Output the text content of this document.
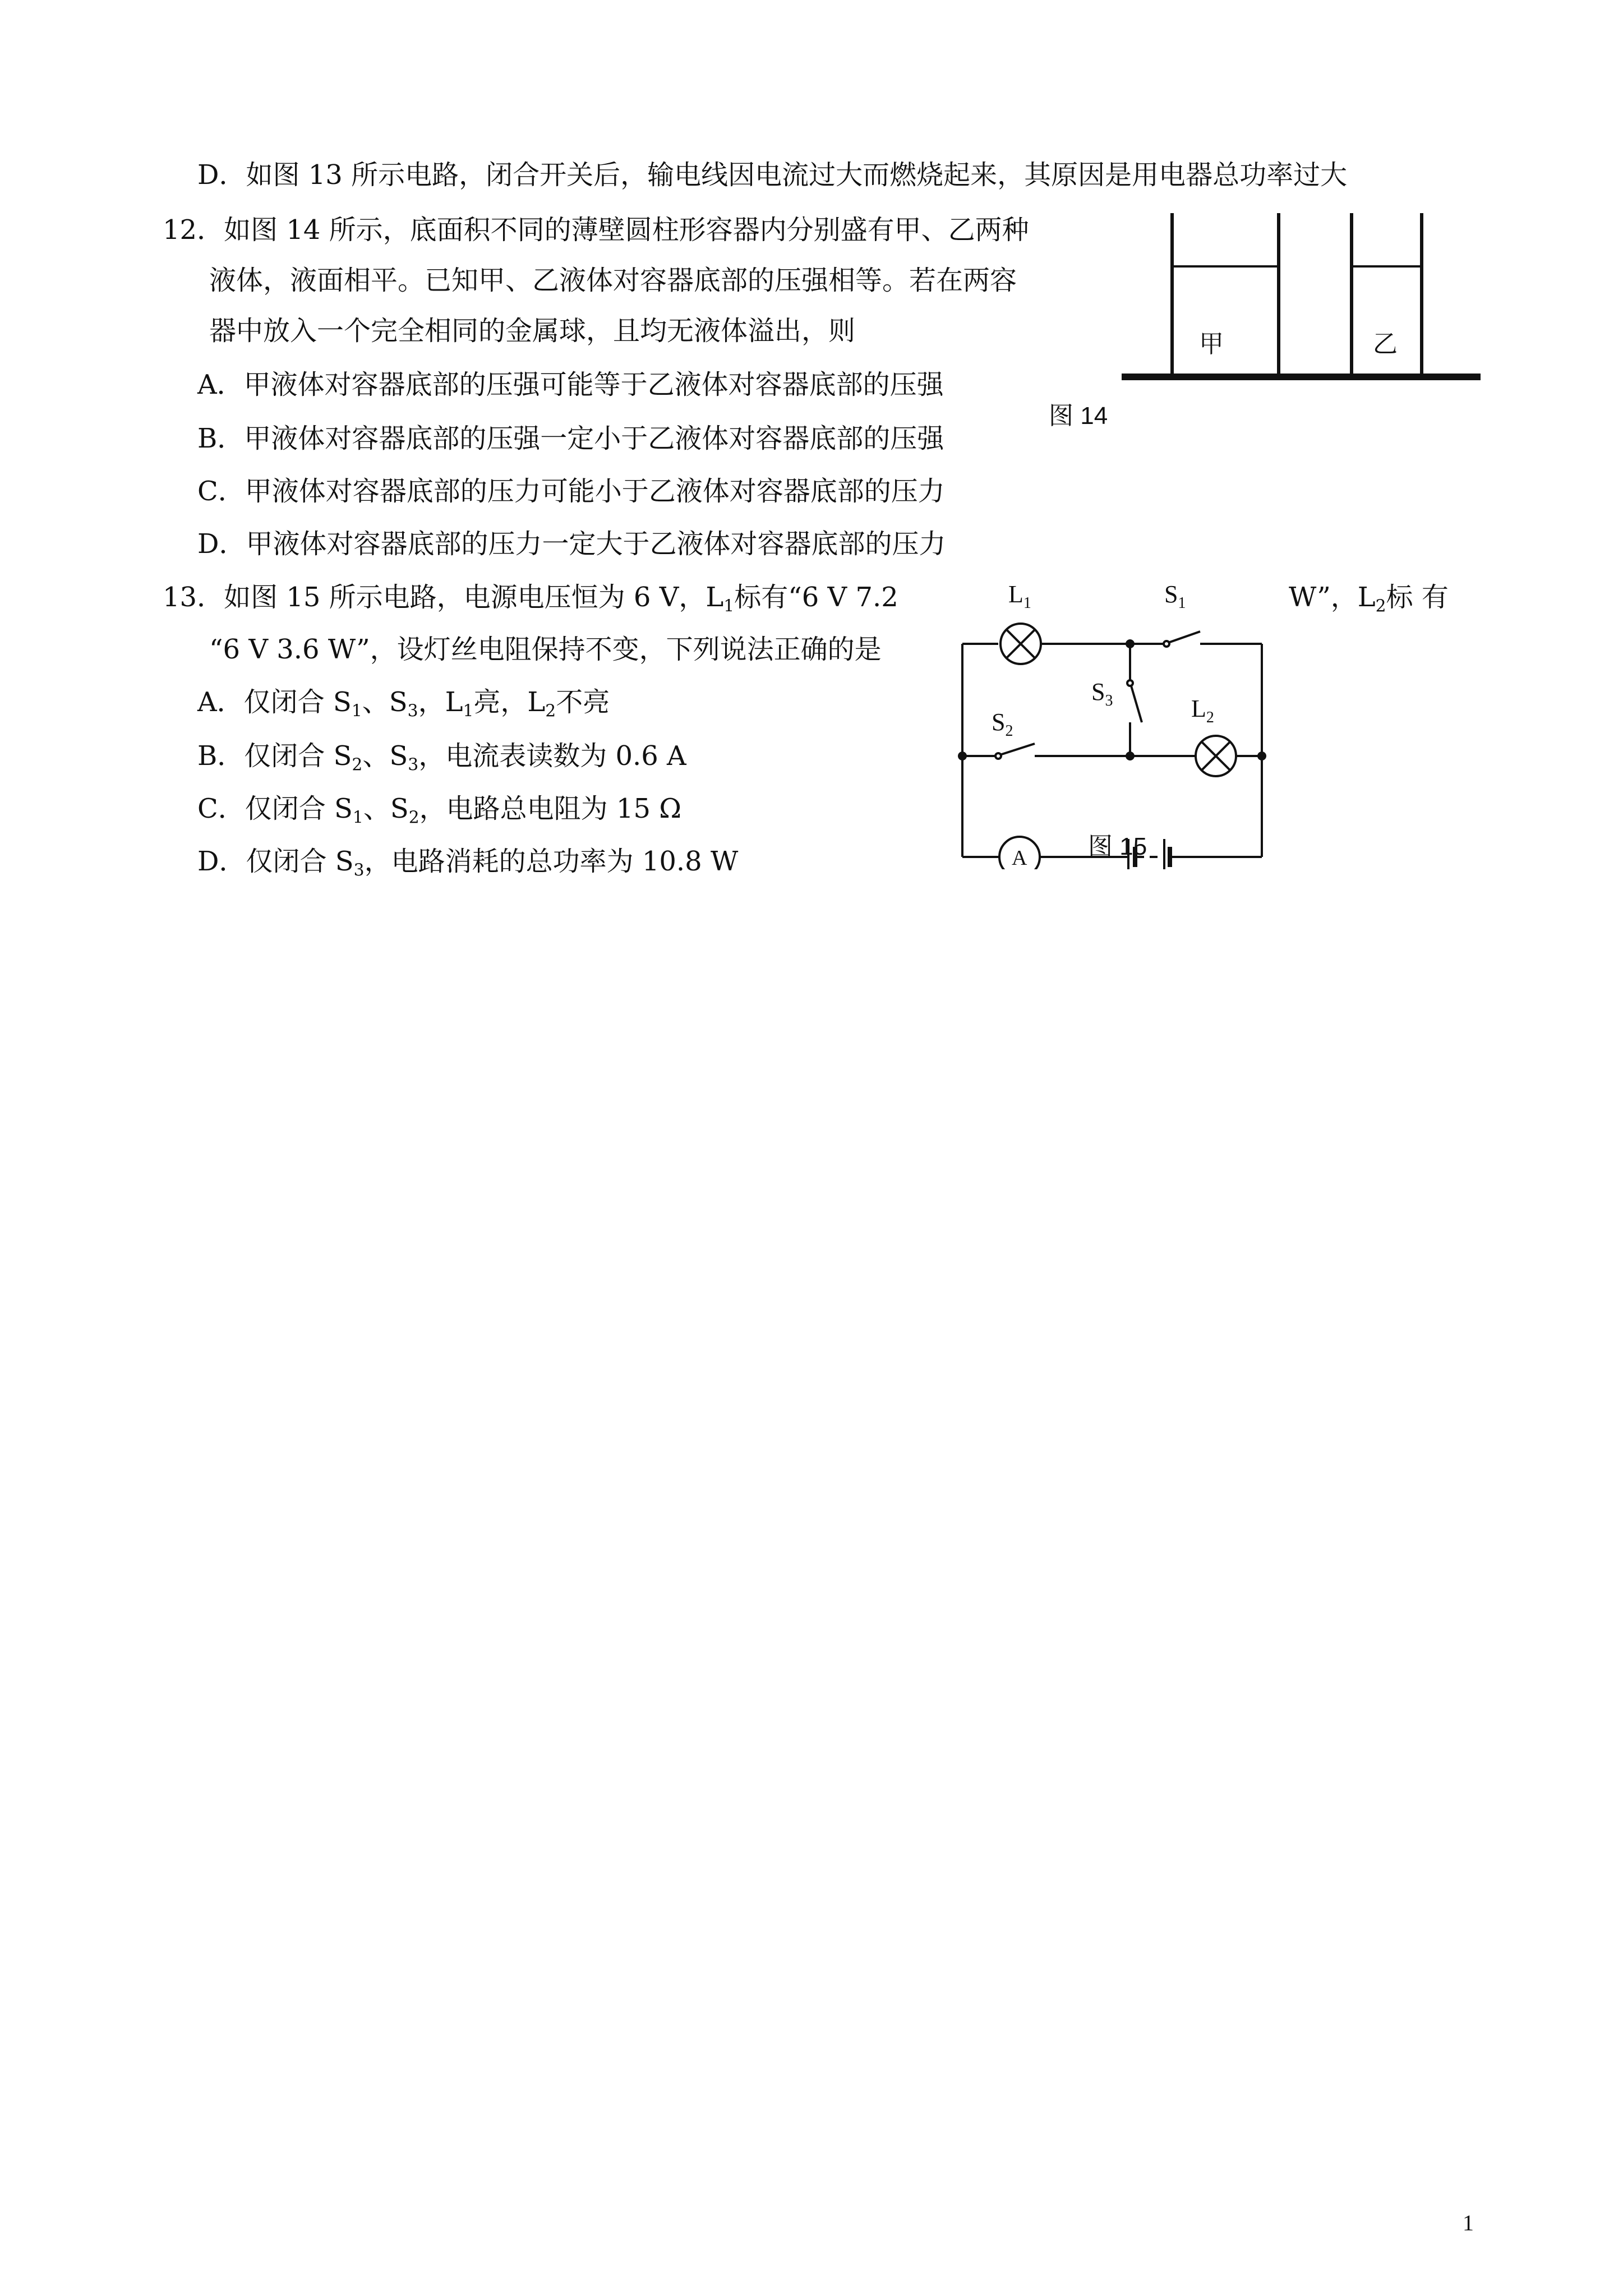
D．如图 13 所示电路，闭合开关后，输电线因电流过大而燃烧起来，其原因是用电器总功率过大
12．如图 14 所示，底面积不同的薄壁圆柱形容器内分别盛有甲、乙两种
液体，液面相平。已知甲、乙液体对容器底部的压强相等。若在两容
器中放入一个完全相同的金属球，且均无液体溢出，则
A．甲液体对容器底部的压强可能等于乙液体对容器底部的压强
B．甲液体对容器底部的压强一定小于乙液体对容器底部的压强
C．甲液体对容器底部的压力可能小于乙液体对容器底部的压力
D．甲液体对容器底部的压力一定大于乙液体对容器底部的压力
甲	乙
图 14
13．如图 15 所示电路，电源电压恒为 6 V，$L_1$标有“6 V 7.2	W”，$L_2$标 有
“6 V 3.6 W”，设灯丝电阻保持不变，下列说法正确的是
A．仅闭合 $S_1$、$S_3$，$L_1$亮，$L_2$不亮
B．仅闭合 $S_2$、$S_3$，电流表读数为 0.6 A
C．仅闭合 $S_1$、$S_2$，电路总电阻为 15 Ω
D．仅闭合 $S_3$，电路消耗的总功率为 10.8 W
$L_1$	$S_1$
$S_3$
$S_2$
$L_2$
A 图 15
1
